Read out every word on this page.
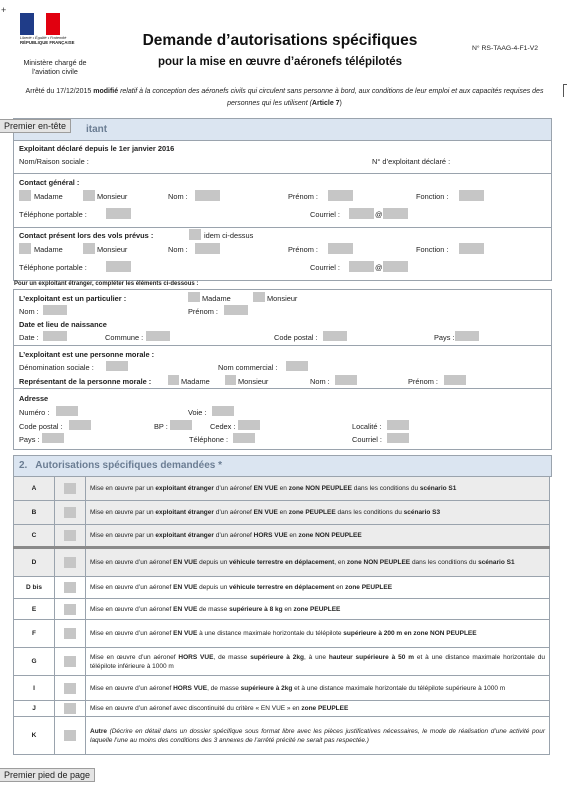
+
Liberté • Égalité • Fraternité
RÉPUBLIQUE FRANÇAISE
Ministère chargé de l'aviation civile
Demande d’autorisations spécifiques
pour la mise en œuvre d’aéronefs télépilotés
N° RS-TAAG-4-F1-V2
Arrêté du 17/12/2015 modifié relatif à la conception des aéronefs civils qui circulent sans personne à bord, aux conditions de leur emploi et aux capacités requises des personnes qui les utilisent (Article 7)
itant
Exploitant déclaré depuis le 1er janvier 2016
Nom/Raison sociale :	N° d’exploitant déclaré :
Contact général :
Madame	Monsieur	Nom :	Prénom :	Fonction :
Téléphone portable :	Courriel :	@
Contact présent lors des vols prévus :	idem ci-dessus
Madame	Monsieur	Nom :	Prénom :	Fonction :
Téléphone portable :	Courriel :	@
Pour un exploitant étranger, compléter les éléments ci-dessous :
L’exploitant est un particulier :	Madame	Monsieur
Nom :	Prénom :
Date et lieu de naissance
Date :	Commune :	Code postal :	Pays :
L’exploitant est une personne morale :
Dénomination sociale :	Nom commercial :
Représentant de la personne morale :	Madame	Monsieur	Nom :	Prénom :
Adresse
Numéro :	Voie :
Code postal :	BP :	Cedex :	Localité :
Pays :	Téléphone :	Courriel :
2.   Autorisations spécifiques demandées *
A		Mise en œuvre par un exploitant étranger d’un aéronef EN VUE en zone NON PEUPLEE dans les conditions du scénario S1
B		Mise en œuvre par un exploitant étranger d’un aéronef EN VUE en zone PEUPLEE dans les conditions du scénario S3
C		Mise en œuvre par un exploitant étranger d’un aéronef HORS VUE en zone NON PEUPLEE
D		Mise en œuvre d’un aéronef EN VUE depuis un véhicule terrestre en déplacement, en zone NON PEUPLEE dans les conditions du scénario S1
D bis		Mise en œuvre d’un aéronef EN VUE depuis un véhicule terrestre en déplacement en zone PEUPLEE
E		Mise en œuvre d’un aéronef EN VUE de masse supérieure à 8 kg en zone PEUPLEE
F		Mise en œuvre d’un aéronef EN VUE à une distance maximale horizontale du télépilote supérieure à 200 m en zone NON PEUPLEE
G		Mise en œuvre d’un aéronef HORS VUE, de masse supérieure à 2kg, à une hauteur supérieure à 50 m et à une distance maximale horizontale du télépilote inférieure à 1000 m
I		Mise en œuvre d’un aéronef HORS VUE, de masse supérieure à 2kg et à une distance maximale horizontale du télépilote supérieure à 1000 m
J		Mise en œuvre d’un aéronef avec discontinuité du critère « EN VUE » en zone PEUPLEE
K		Autre (Décrire en détail dans un dossier spécifique sous format libre avec les pièces justificatives nécessaires, le mode de réalisation d’une activité pour laquelle l’une au moins des conditions des 3 annexes de l’arrêté précité ne serait pas respectée.)
Premier en-tête
Premier pied de page
